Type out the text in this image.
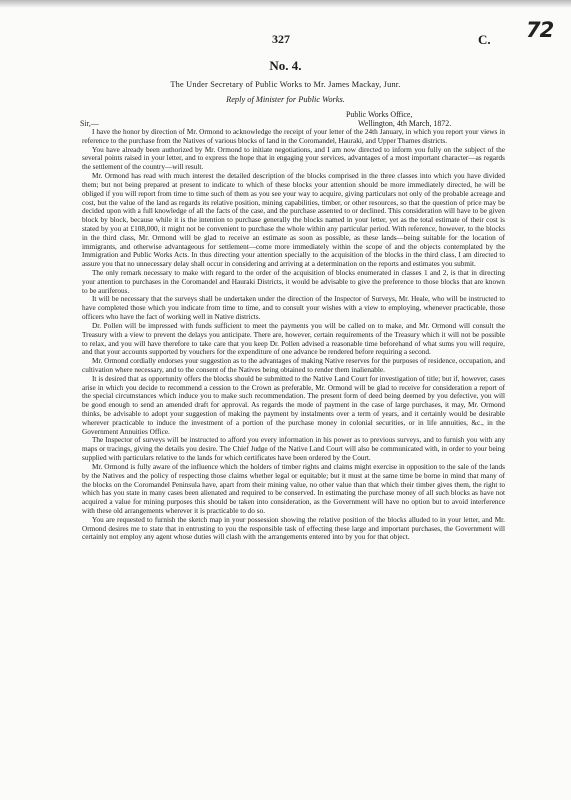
72
327	C.
No. 4.
The Under Secretary of Public Works to Mr. James Mackay, Junr.
Reply of Minister for Public Works.
Public Works Office,
Sir,—	Wellington, 4th March, 1872.

I have the honor by direction of Mr. Ormond to acknowledge the receipt of your letter of the 24th January, in which you report your views in reference to the purchase from the Natives of various blocks of land in the Coromandel, Hauraki, and Upper Thames districts.

You have already been authorized by Mr. Ormond to initiate negotiations, and I am now directed to inform you fully on the subject of the several points raised in your letter, and to express the hope that in engaging your services, advantages of a most important character—as regards the settlement of the country—will result.

Mr. Ormond has read with much interest the detailed description of the blocks comprised in the three classes into which you have divided them; but not being prepared at present to indicate to which of these blocks your attention should be more immediately directed, he will be obliged if you will report from time to time such of them as you see your way to acquire, giving particulars not only of the probable acreage and cost, but the value of the land as regards its relative position, mining capabilities, timber, or other resources, so that the question of price may be decided upon with a full knowledge of all the facts of the case, and the purchase assented to or declined. This consideration will have to be given block by block, because while it is the intention to purchase generally the blocks named in your letter, yet as the total estimate of their cost is stated by you at £108,000, it might not be convenient to purchase the whole within any particular period. With reference, however, to the blocks in the third class, Mr. Ormond will be glad to receive an estimate as soon as possible, as these lands—being suitable for the location of immigrants, and otherwise advantageous for settlement—come more immediately within the scope of and the objects contemplated by the Immigration and Public Works Acts. In thus directing your attention specially to the acquisition of the blocks in the third class, I am directed to assure you that no unnecessary delay shall occur in considering and arriving at a determination on the reports and estimates you submit.

The only remark necessary to make with regard to the order of the acquisition of blocks enumerated in classes 1 and 2, is that in directing your attention to purchases in the Coromandel and Hauraki Districts, it would be advisable to give the preference to those blocks that are known to be auriferous.

It will be necessary that the surveys shall be undertaken under the direction of the Inspector of Surveys, Mr. Heale, who will be instructed to have completed those which you indicate from time to time, and to consult your wishes with a view to employing, whenever practicable, those officers who have the fact of working well in Native districts.

Dr. Pollen will be impressed with funds sufficient to meet the payments you will be called on to make, and Mr. Ormond will consult the Treasury with a view to prevent the delays you anticipate. There are, however, certain requirements of the Treasury which it will not be possible to relax, and you will have therefore to take care that you keep Dr. Pollen advised a reasonable time beforehand of what sums you will require, and that your accounts supported by vouchers for the expenditure of one advance be rendered before requiring a second.

Mr. Ormond cordially endorses your suggestion as to the advantages of making Native reserves for the purposes of residence, occupation, and cultivation where necessary, and to the consent of the Natives being obtained to render them inalienable.

It is desired that as opportunity offers the blocks should be submitted to the Native Land Court for investigation of title; but if, however, cases arise in which you decide to recommend a cession to the Crown as preferable, Mr. Ormond will be glad to receive for consideration a report of the special circumstances which induce you to make such recommendation. The present form of deed being deemed by you defective, you will be good enough to send an amended draft for approval. As regards the mode of payment in the case of large purchases, it may, Mr. Ormond thinks, be advisable to adopt your suggestion of making the payment by instalments over a term of years, and it certainly would be desirable wherever practicable to induce the investment of a portion of the purchase money in colonial securities, or in life annuities, &c., in the Government Annuities Office.

The Inspector of surveys will be instructed to afford you every information in his power as to previous surveys, and to furnish you with any maps or tracings, giving the details you desire. The Chief Judge of the Native Land Court will also be communicated with, in order to your being supplied with particulars relative to the lands for which certificates have been ordered by the Court.

Mr. Ormond is fully aware of the influence which the holders of timber rights and claims might exercise in opposition to the sale of the lands by the Natives and the policy of respecting those claims whether legal or equitable; but it must at the same time be borne in mind that many of the blocks on the Coromandel Peninsula have, apart from their mining value, no other value than that which their timber gives them, the right to which has you state in many cases been alienated and required to be conserved. In estimating the purchase money of all such blocks as have not acquired a value for mining purposes this should be taken into consideration, as the Government will have no option but to avoid interference with these old arrangements wherever it is practicable to do so.

You are requested to furnish the sketch map in your possession showing the relative position of the blocks alluded to in your letter, and Mr. Ormond desires me to state that in entrusting to you the responsible task of effecting these large and important purchases, the Government will certainly not employ any agent whose duties will clash with the arrangements entered into by you for that object.
